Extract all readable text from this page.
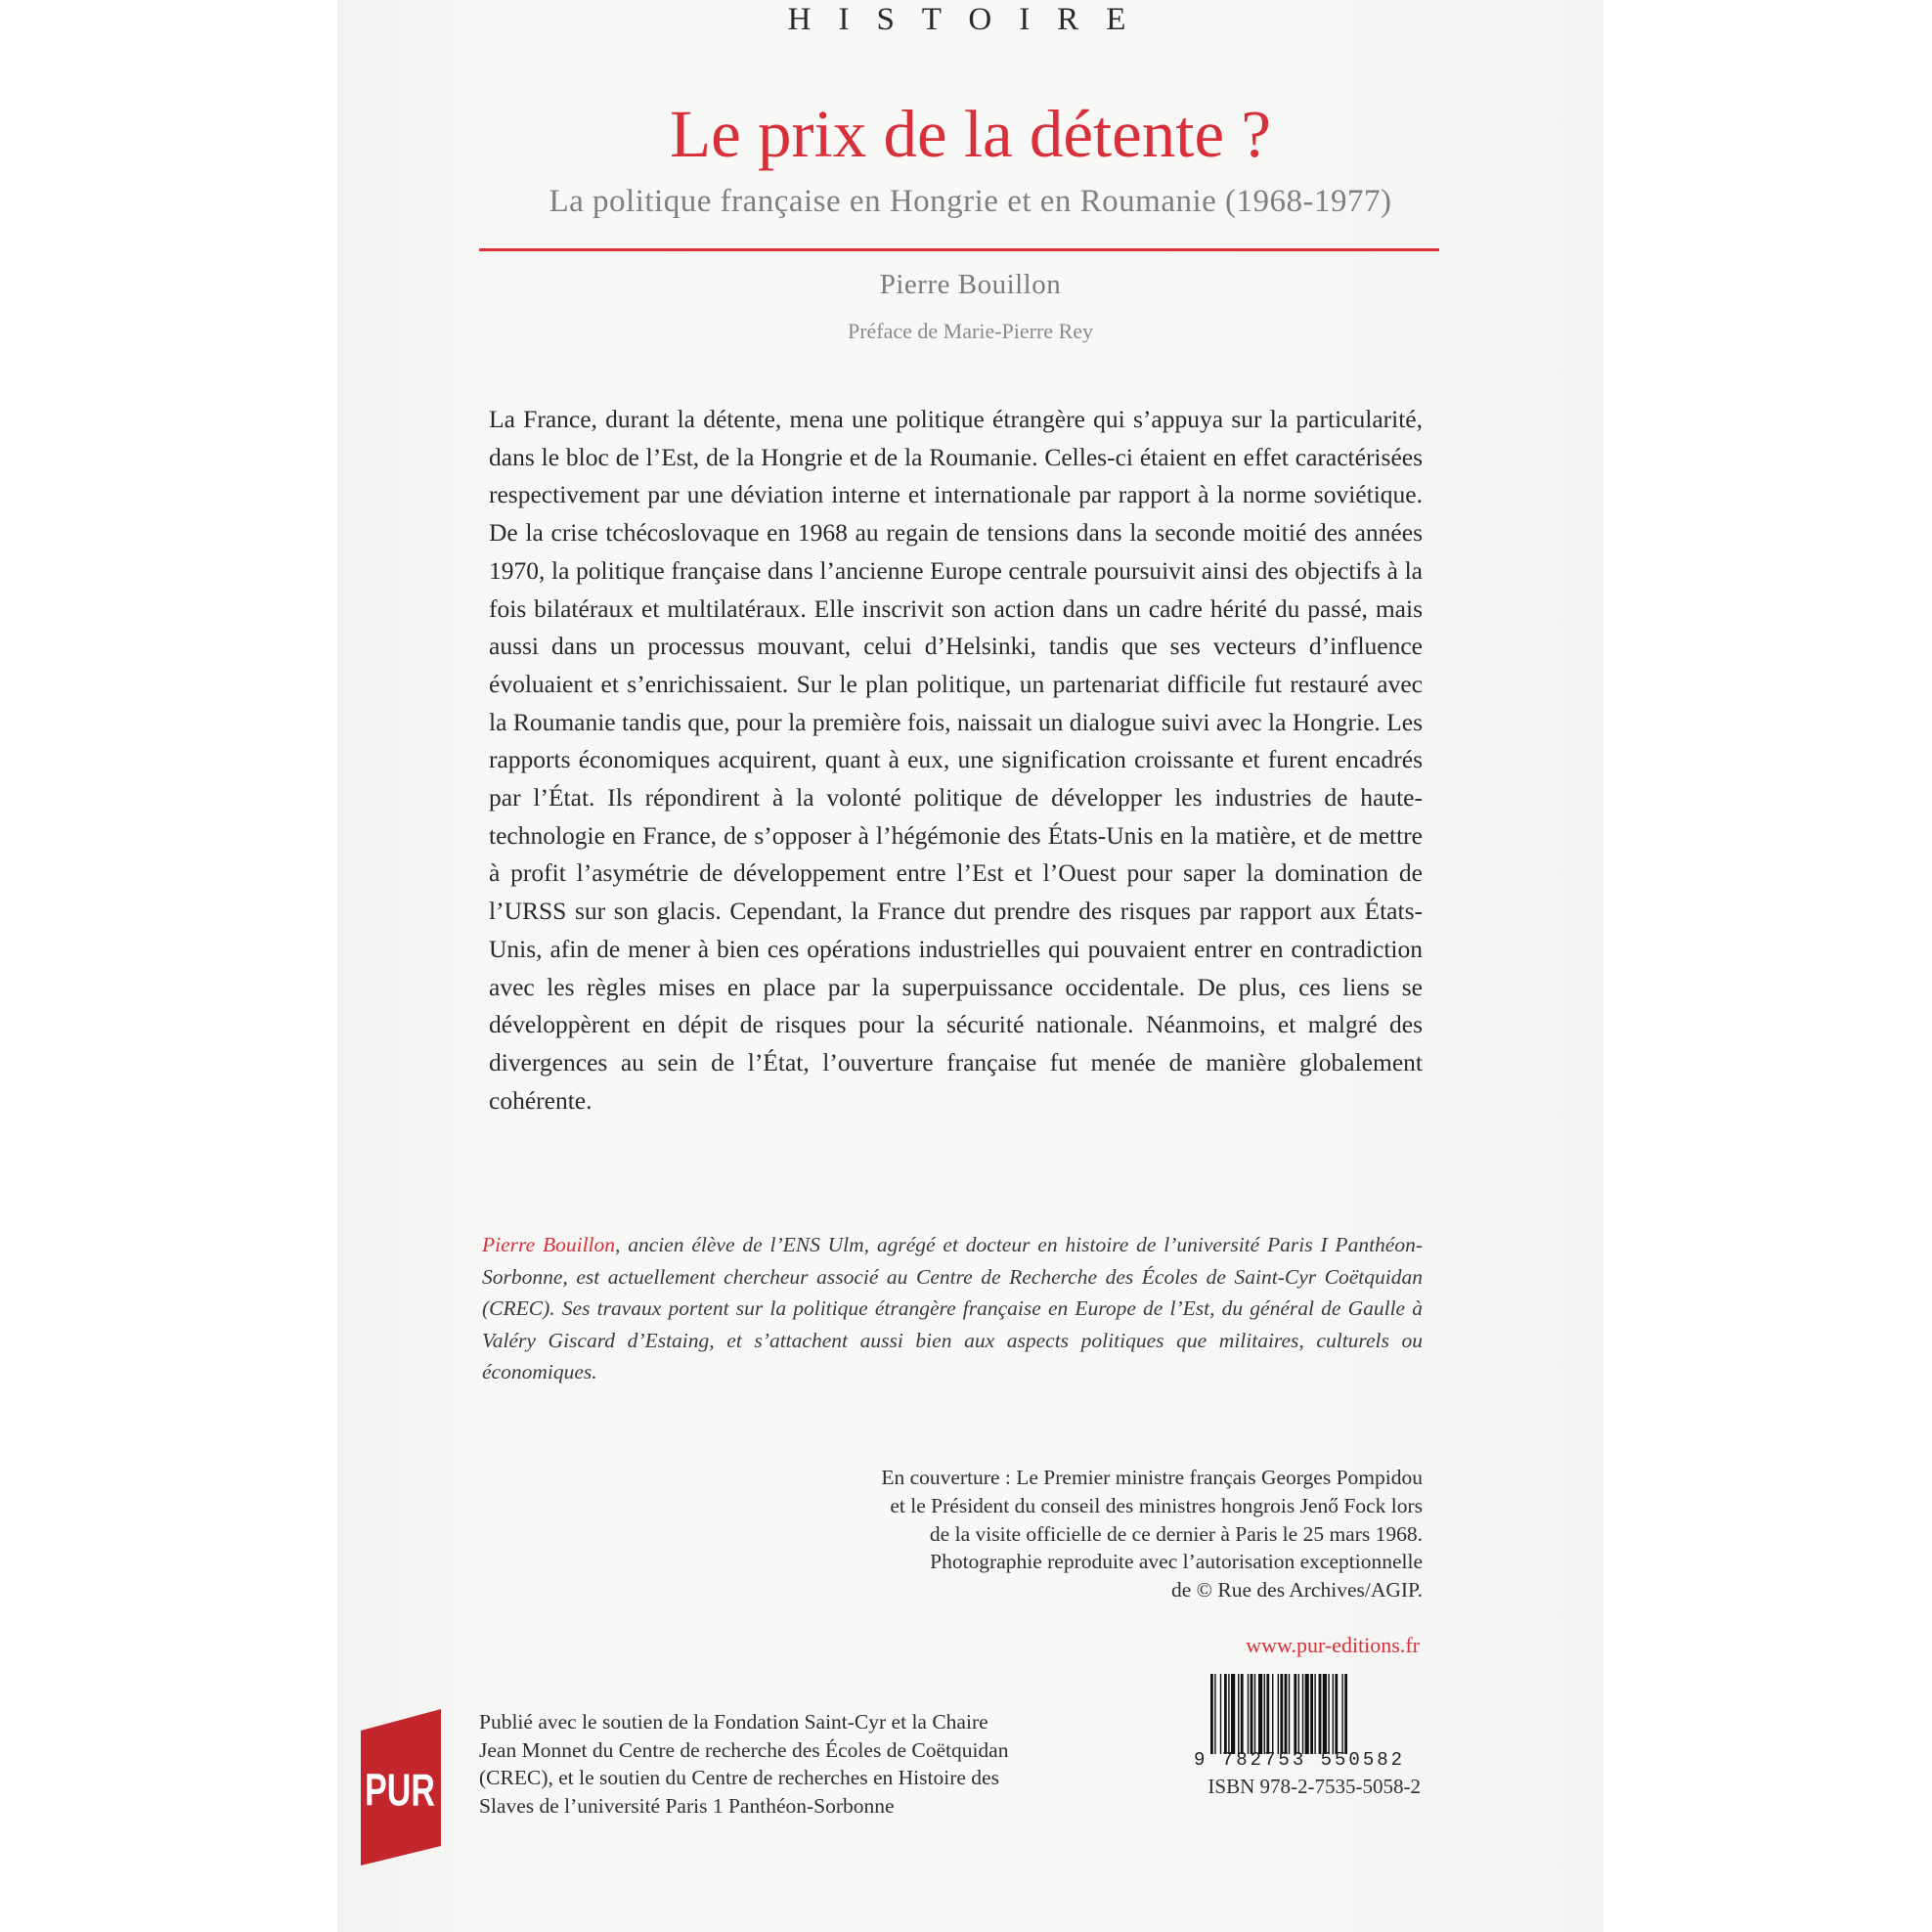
HISTOIRE
Le prix de la détente ?
La politique française en Hongrie et en Roumanie (1968-1977)
Pierre Bouillon
Préface de Marie-Pierre Rey

La France, durant la détente, mena une politique étrangère qui s’appuya sur la particularité, dans le bloc de l’Est, de la Hongrie et de la Roumanie. Celles-ci étaient en effet caractérisées respectivement par une déviation interne et internationale par rapport à la norme soviétique. De la crise tchécoslovaque en 1968 au regain de tensions dans la seconde moitié des années 1970, la politique française dans l’ancienne Europe centrale poursuivit ainsi des objectifs à la fois bilatéraux et multilatéraux. Elle inscrivit son action dans un cadre hérité du passé, mais aussi dans un processus mouvant, celui d’Helsinki, tandis que ses vecteurs d’influence évoluaient et s’enrichissaient. Sur le plan politique, un partenariat difficile fut restauré avec la Roumanie tandis que, pour la première fois, naissait un dialogue suivi avec la Hongrie. Les rapports économiques acquirent, quant à eux, une signification croissante et furent encadrés par l’État. Ils répondirent à la volonté politique de développer les industries de haute-technologie en France, de s’opposer à l’hégémonie des États-Unis en la matière, et de mettre à profit l’asymétrie de développement entre l’Est et l’Ouest pour saper la domination de l’URSS sur son glacis. Cependant, la France dut prendre des risques par rapport aux États-Unis, afin de mener à bien ces opérations industrielles qui pouvaient entrer en contradiction avec les règles mises en place par la superpuissance occidentale. De plus, ces liens se développèrent en dépit de risques pour la sécurité nationale. Néanmoins, et malgré des divergences au sein de l’État, l’ouverture française fut menée de manière globalement cohérente.

Pierre Bouillon, ancien élève de l’ENS Ulm, agrégé et docteur en histoire de l’université Paris I Panthéon-Sorbonne, est actuellement chercheur associé au Centre de Recherche des Écoles de Saint-Cyr Coëtquidan (CREC). Ses travaux portent sur la politique étrangère française en Europe de l’Est, du général de Gaulle à Valéry Giscard d’Estaing, et s’attachent aussi bien aux aspects politiques que militaires, culturels ou économiques.

En couverture : Le Premier ministre français Georges Pompidou
et le Président du conseil des ministres hongrois Jenő Fock lors
de la visite officielle de ce dernier à Paris le 25 mars 1968.
Photographie reproduite avec l’autorisation exceptionnelle
de © Rue des Archives/AGIP.
www.pur-editions.fr
9 782753 550582
ISBN 978-2-7535-5058-2
PUR
Publié avec le soutien de la Fondation Saint-Cyr et la Chaire
Jean Monnet du Centre de recherche des Écoles de Coëtquidan
(CREC), et le soutien du Centre de recherches en Histoire des
Slaves de l’université Paris 1 Panthéon-Sorbonne
